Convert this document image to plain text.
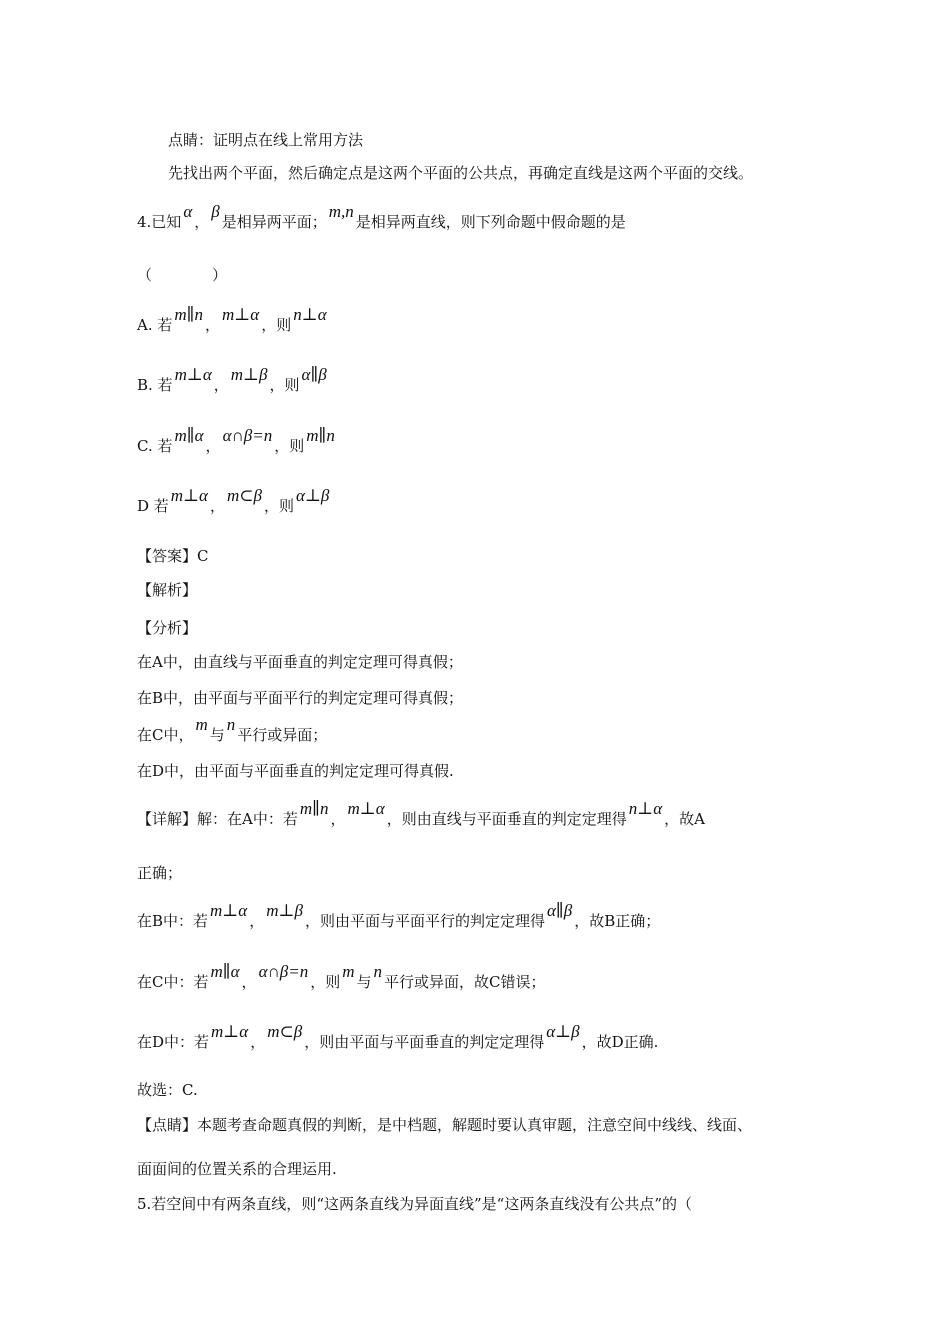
点睛：证明点在线上常用方法
先找出两个平面，然后确定点是这两个平面的公共点，再确定直线是这两个平面的交线。
4.已知α，β是相异两平面；m,n是相异两直线，则下列命题中假命题的是
（　　　　）
A. 若m∥n，m⊥α，则n⊥α
B. 若m⊥α，m⊥β，则α∥β
C. 若m∥α，α∩β=n，则m∥n
D 若m⊥α，m⊂β，则α⊥β
【答案】C
【解析】
【分析】
在A中，由直线与平面垂直的判定定理可得真假；
在B中，由平面与平面平行的判定定理可得真假；
在C中，m与n平行或异面；
在D中，由平面与平面垂直的判定定理可得真假.
【详解】解：在A中：若m∥n，m⊥α，则由直线与平面垂直的判定定理得n⊥α，故A
正确；
在B中：若m⊥α，m⊥β，则由平面与平面平行的判定定理得α∥β，故B正确；
在C中：若m∥α，α∩β=n，则m与n平行或异面，故C错误；
在D中：若m⊥α，m⊂β，则由平面与平面垂直的判定定理得α⊥β，故D正确.
故选：C.
【点睛】本题考查命题真假的判断，是中档题，解题时要认真审题，注意空间中线线、线面、
面面间的位置关系的合理运用.
5.若空间中有两条直线，则“这两条直线为异面直线”是“这两条直线没有公共点”的（
